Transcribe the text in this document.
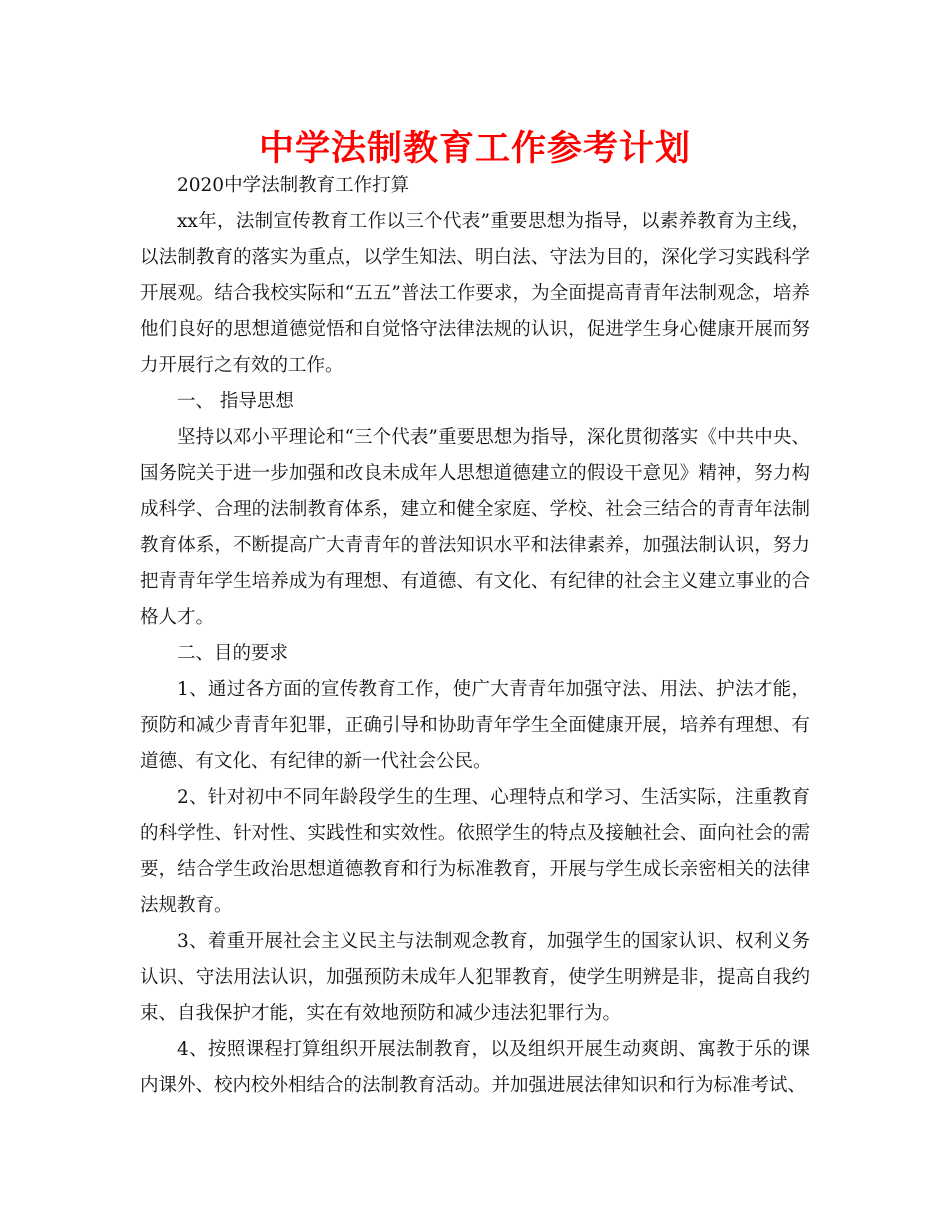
中学法制教育工作参考计划

2020中学法制教育工作打算

xx年，法制宣传教育工作以三个代表”重要思想为指导，以素养教育为主线，以法制教育的落实为重点，以学生知法、明白法、守法为目的，深化学习实践科学开展观。结合我校实际和“五五”普法工作要求，为全面提高青青年法制观念，培养他们良好的思想道德觉悟和自觉恪守法律法规的认识，促进学生身心健康开展而努力开展行之有效的工作。

一、 指导思想

坚持以邓小平理论和“三个代表”重要思想为指导，深化贯彻落实《中共中央、国务院关于进一步加强和改良未成年人思想道德建立的假设干意见》精神，努力构成科学、合理的法制教育体系，建立和健全家庭、学校、社会三结合的青青年法制教育体系，不断提高广大青青年的普法知识水平和法律素养，加强法制认识，努力把青青年学生培养成为有理想、有道德、有文化、有纪律的社会主义建立事业的合格人才。

二、目的要求

1、通过各方面的宣传教育工作，使广大青青年加强守法、用法、护法才能，预防和减少青青年犯罪，正确引导和协助青年学生全面健康开展，培养有理想、有道德、有文化、有纪律的新一代社会公民。

2、针对初中不同年龄段学生的生理、心理特点和学习、生活实际，注重教育的科学性、针对性、实践性和实效性。依照学生的特点及接触社会、面向社会的需要，结合学生政治思想道德教育和行为标准教育，开展与学生成长亲密相关的法律法规教育。

3、着重开展社会主义民主与法制观念教育，加强学生的国家认识、权利义务认识、守法用法认识，加强预防未成年人犯罪教育，使学生明辨是非，提高自我约束、自我保护才能，实在有效地预防和减少违法犯罪行为。

4、按照课程打算组织开展法制教育，以及组织开展生动爽朗、寓教于乐的课内课外、校内校外相结合的法制教育活动。并加强进展法律知识和行为标准考试、
